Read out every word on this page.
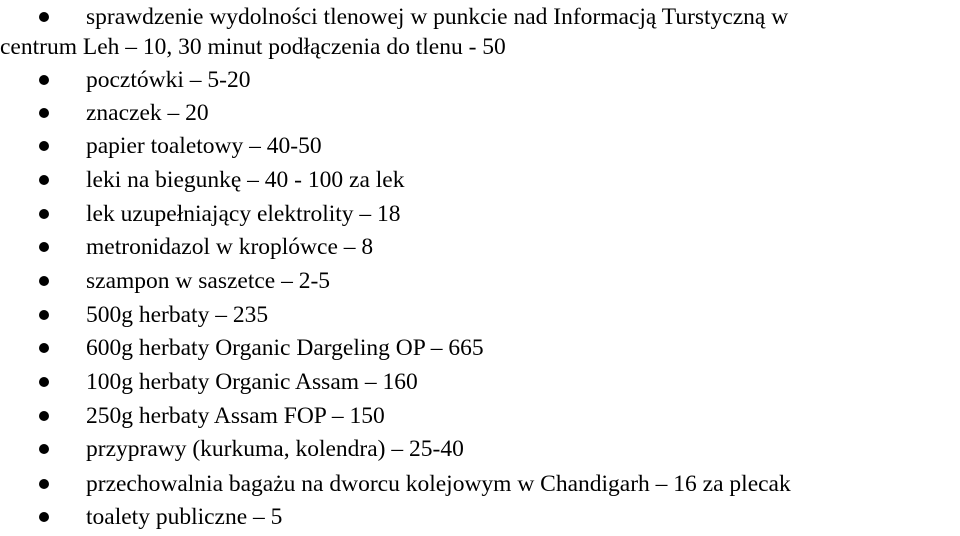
sprawdzenie wydolności tlenowej w punkcie nad Informacją Turstyczną w
centrum Leh – 10, 30 minut podłączenia do tlenu - 50
pocztówki – 5-20
znaczek – 20
papier toaletowy – 40-50
leki na biegunkę – 40 - 100 za lek
lek uzupełniający elektrolity – 18
metronidazol w kroplówce – 8
szampon w saszetce – 2-5
500g herbaty – 235
600g herbaty Organic Dargeling OP – 665
100g herbaty Organic Assam – 160
250g herbaty Assam FOP – 150
przyprawy (kurkuma, kolendra) – 25-40
przechowalnia bagażu na dworcu kolejowym w Chandigarh – 16 za plecak
toalety publiczne – 5
